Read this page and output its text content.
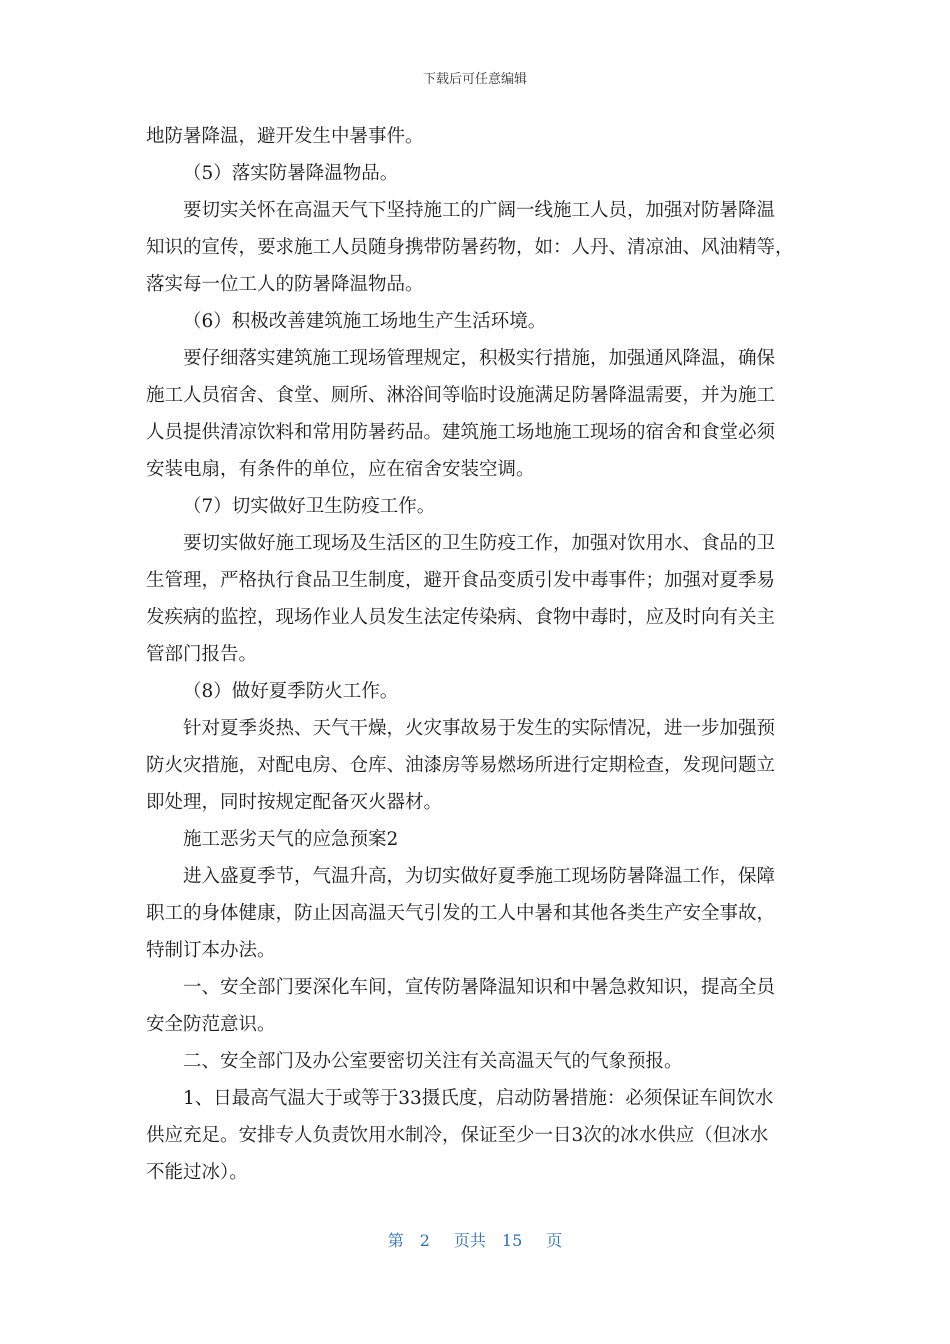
下载后可任意编辑
地防暑降温，避开发生中暑事件。
（5）落实防暑降温物品。
要切实关怀在高温天气下坚持施工的广阔一线施工人员，加强对防暑降温
知识的宣传，要求施工人员随身携带防暑药物，如：人丹、清凉油、风油精等，
落实每一位工人的防暑降温物品。
（6）积极改善建筑施工场地生产生活环境。
要仔细落实建筑施工现场管理规定，积极实行措施，加强通风降温，确保
施工人员宿舍、食堂、厕所、淋浴间等临时设施满足防暑降温需要，并为施工
人员提供清凉饮料和常用防暑药品。建筑施工场地施工现场的宿舍和食堂必须
安装电扇，有条件的单位，应在宿舍安装空调。
（7）切实做好卫生防疫工作。
要切实做好施工现场及生活区的卫生防疫工作，加强对饮用水、食品的卫
生管理，严格执行食品卫生制度，避开食品变质引发中毒事件；加强对夏季易
发疾病的监控，现场作业人员发生法定传染病、食物中毒时，应及时向有关主
管部门报告。
（8）做好夏季防火工作。
针对夏季炎热、天气干燥，火灾事故易于发生的实际情况，进一步加强预
防火灾措施，对配电房、仓库、油漆房等易燃场所进行定期检查，发现问题立
即处理，同时按规定配备灭火器材。
施工恶劣天气的应急预案2
进入盛夏季节，气温升高，为切实做好夏季施工现场防暑降温工作，保障
职工的身体健康，防止因高温天气引发的工人中暑和其他各类生产安全事故，
特制订本办法。
一、安全部门要深化车间，宣传防暑降温知识和中暑急救知识，提高全员
安全防范意识。
二、安全部门及办公室要密切关注有关高温天气的气象预报。
1、日最高气温大于或等于33摄氏度，启动防暑措施：必须保证车间饮水
供应充足。安排专人负责饮用水制冷，保证至少一日3次的冰水供应（但冰水
不能过冰）。
第 2 页共 15 页
